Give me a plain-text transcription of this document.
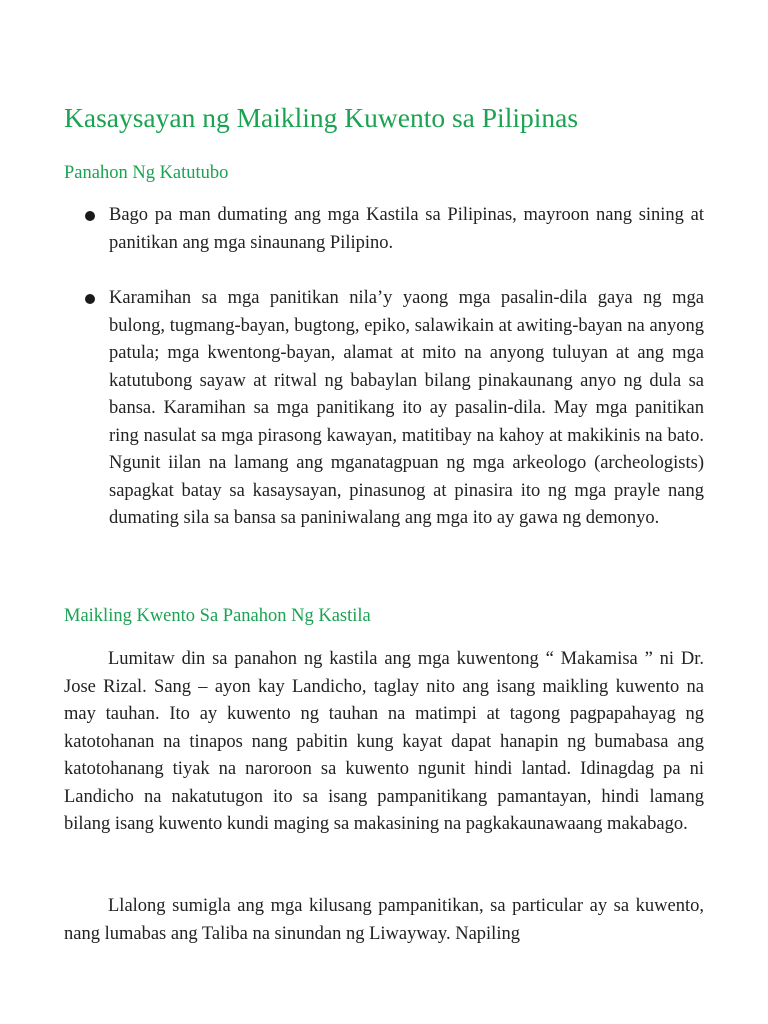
Kasaysayan ng Maikling Kuwento sa Pilipinas
Panahon Ng Katutubo
Bago pa man dumating ang mga Kastila sa Pilipinas, mayroon nang sining at panitikan ang mga sinaunang Pilipino.
Karamihan sa mga panitikan nila’y yaong mga pasalin-dila gaya ng mga bulong, tugmang-bayan, bugtong, epiko, salawikain at awiting-bayan na anyong patula; mga kwentong-bayan, alamat at mito na anyong tuluyan at ang mga katutubong sayaw at ritwal ng babaylan bilang pinakaunang anyo ng dula sa bansa. Karamihan sa mga panitikang ito ay pasalin-dila. May mga panitikan ring nasulat sa mga pirasong kawayan, matitibay na kahoy at makikinis na bato. Ngunit iilan na lamang ang mganatagpuan ng mga arkeologo (archeologists) sapagkat batay sa kasaysayan, pinasunog at pinasira ito ng mga prayle nang dumating sila sa bansa sa paniniwalang ang mga ito ay gawa ng demonyo.
Maikling Kwento Sa Panahon Ng Kastila

Lumitaw din sa panahon ng kastila ang mga kuwentong “ Makamisa ” ni Dr. Jose Rizal. Sang – ayon kay Landicho, taglay nito ang isang maikling kuwento na may tauhan. Ito ay kuwento ng tauhan na matimpi at tagong pagpapahayag ng katotohanan na tinapos nang pabitin kung kayat dapat hanapin ng bumabasa ang katotohanang tiyak na naroroon sa kuwento ngunit hindi lantad. Idinagdag pa ni Landicho na nakatutugon ito sa isang pampanitikang pamantayan, hindi lamang bilang isang kuwento kundi maging sa makasining na pagkakaunawaang makabago.

Llalong sumigla ang mga kilusang pampanitikan, sa particular ay sa kuwento, nang lumabas ang Taliba na sinundan ng Liwayway. Napiling
